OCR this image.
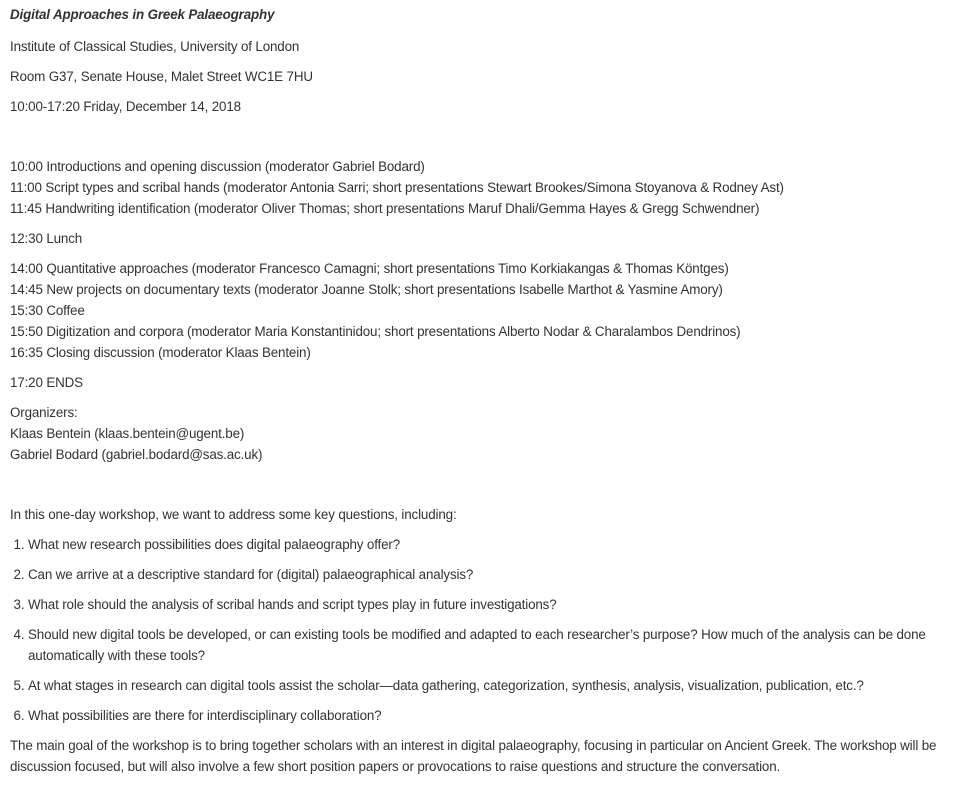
Digital Approaches in Greek Palaeography

Institute of Classical Studies, University of London

Room G37, Senate House, Malet Street WC1E 7HU

10:00-17:20 Friday, December 14, 2018

10:00 Introductions and opening discussion (moderator Gabriel Bodard)

11:00 Script types and scribal hands (moderator Antonia Sarri; short presentations Stewart Brookes/Simona Stoyanova & Rodney Ast)

11:45 Handwriting identification (moderator Oliver Thomas; short presentations Maruf Dhali/Gemma Hayes & Gregg Schwendner)

12:30 Lunch

14:00 Quantitative approaches (moderator Francesco Camagni; short presentations Timo Korkiakangas & Thomas Köntges)

14:45 New projects on documentary texts (moderator Joanne Stolk; short presentations Isabelle Marthot & Yasmine Amory)

15:30 Coffee

15:50 Digitization and corpora (moderator Maria Konstantinidou; short presentations Alberto Nodar & Charalambos Dendrinos)

16:35 Closing discussion (moderator Klaas Bentein)

17:20 ENDS

Organizers:

Klaas Bentein (klaas.bentein@ugent.be)

Gabriel Bodard (gabriel.bodard@sas.ac.uk)

In this one-day workshop, we want to address some key questions, including:

1. What new research possibilities does digital palaeography offer?
2. Can we arrive at a descriptive standard for (digital) palaeographical analysis?
3. What role should the analysis of scribal hands and script types play in future investigations?
4. Should new digital tools be developed, or can existing tools be modified and adapted to each researcher’s purpose? How much of the analysis can be done automatically with these tools?
5. At what stages in research can digital tools assist the scholar—data gathering, categorization, synthesis, analysis, visualization, publication, etc.?
6. What possibilities are there for interdisciplinary collaboration?

The main goal of the workshop is to bring together scholars with an interest in digital palaeography, focusing in particular on Ancient Greek. The workshop will be discussion focused, but will also involve a few short position papers or provocations to raise questions and structure the conversation.
